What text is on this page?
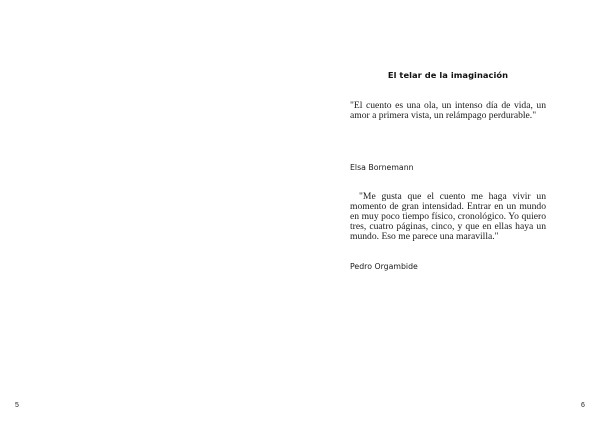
5
El telar de la imaginación
"El cuento es una ola, un intenso día de vida, un amor a primera vista, un relámpago perdurable."
Elsa Bornemann
"Me gusta que el cuento me haga vivir un momento de gran intensidad. Entrar en un mundo en muy poco tiempo físico, cronológico. Yo quiero tres, cuatro páginas, cinco, y que en ellas haya un mundo. Eso me parece una maravilla."
Pedro Orgambide
6
